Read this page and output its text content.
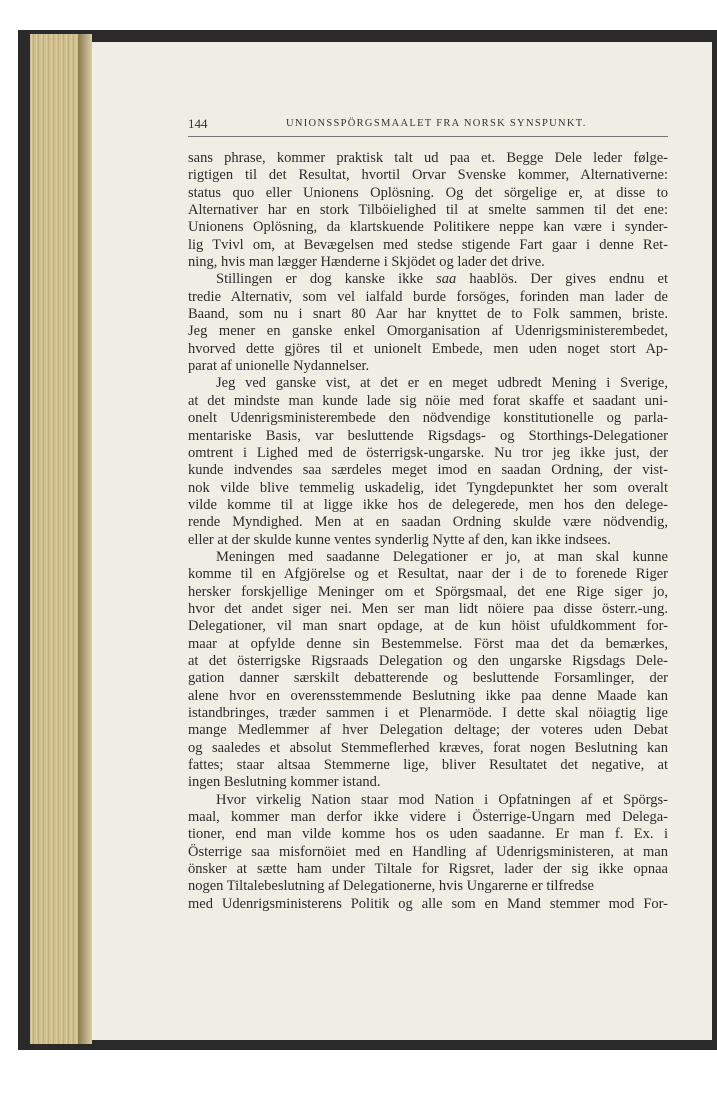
144	UNIONSSPÖRGSMAALET FRA NORSK SYNSPUNKT.
sans phrase, kommer praktisk talt ud paa et. Begge Dele leder følge-
rigtigen til det Resultat, hvortil Orvar Svenske kommer, Alternativerne:
status quo eller Unionens Oplösning. Og det sörgelige er, at disse to
Alternativer har en stork Tilböielighed til at smelte sammen til det ene:
Unionens Oplösning, da klartskuende Politikere neppe kan være i synder-
lig Tvivl om, at Bevægelsen med stedse stigende Fart gaar i denne Ret-
ning, hvis man lægger Hænderne i Skjödet og lader det drive.
Stillingen er dog kanske ikke saa haablös. Der gives endnu et
tredie Alternativ, som vel ialfald burde forsöges, forinden man lader de
Baand, som nu i snart 80 Aar har knyttet de to Folk sammen, briste.
Jeg mener en ganske enkel Omorganisation af Udenrigsministerembedet,
hvorved dette gjöres til et unionelt Embede, men uden noget stort Ap-
parat af unionelle Nydannelser.
Jeg ved ganske vist, at det er en meget udbredt Mening i Sverige,
at det mindste man kunde lade sig nöie med forat skaffe et saadant uni-
onelt Udenrigsministerembede den nödvendige konstitutionelle og parla-
mentariske Basis, var besluttende Rigsdags- og Storthings-Delegationer
omtrent i Lighed med de österrigsk-ungarske. Nu tror jeg ikke just, der
kunde indvendes saa særdeles meget imod en saadan Ordning, der vist-
nok vilde blive temmelig uskadelig, idet Tyngdepunktet her som overalt
vilde komme til at ligge ikke hos de delegerede, men hos den delege-
rende Myndighed. Men at en saadan Ordning skulde være nödvendig,
eller at der skulde kunne ventes synderlig Nytte af den, kan ikke indsees.
Meningen med saadanne Delegationer er jo, at man skal kunne
komme til en Afgjörelse og et Resultat, naar der i de to forenede Riger
hersker forskjellige Meninger om et Spörgsmaal, det ene Rige siger jo,
hvor det andet siger nei. Men ser man lidt nöiere paa disse österr.-ung.
Delegationer, vil man snart opdage, at de kun höist ufuldkomment for-
maar at opfylde denne sin Bestemmelse. Först maa det da bemærkes,
at det österrigske Rigsraads Delegation og den ungarske Rigsdags Dele-
gation danner særskilt debatterende og besluttende Forsamlinger, der
alene hvor en overensstemmende Beslutning ikke paa denne Maade kan
istandbringes, træder sammen i et Plenarmöde. I dette skal nöiagtig lige
mange Medlemmer af hver Delegation deltage; der voteres uden Debat
og saaledes et absolut Stemmeflerhed kræves, forat nogen Beslutning kan
fattes; staar altsaa Stemmerne lige, bliver Resultatet det negative, at
ingen Beslutning kommer istand.
Hvor virkelig Nation staar mod Nation i Opfatningen af et Spörgs-
maal, kommer man derfor ikke videre i Österrige-Ungarn med Delega-
tioner, end man vilde komme hos os uden saadanne. Er man f. Ex. i
Österrige saa misfornöiet med en Handling af Udenrigsministeren, at man
önsker at sætte ham under Tiltale for Rigsret, lader der sig ikke opnaa
nogen Tiltalebeslutning af Delegationerne, hvis Ungarerne er tilfredse
med Udenrigsministerens Politik og alle som en Mand stemmer mod For-
